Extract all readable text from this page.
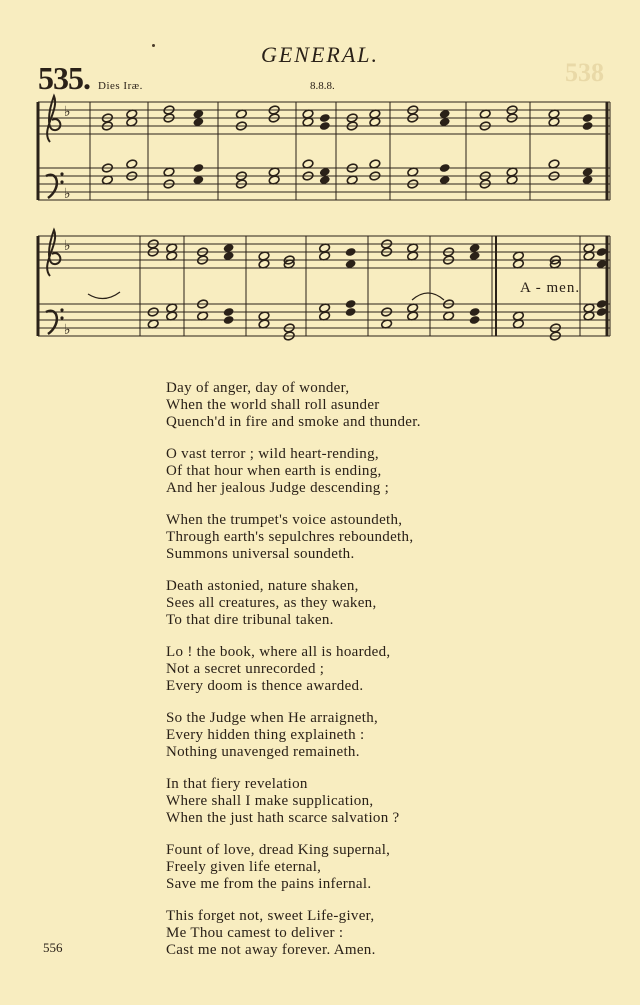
538
GENERAL.
535. Dies Iræ.	8.8.8.
♭
♭
♭
♭
A - men.

Day of anger, day of wonder,

When the world shall roll asunder

Quench'd in fire and smoke and thunder.

O vast terror ; wild heart-rending,

Of that hour when earth is ending,

And her jealous Judge descending ;

When the trumpet's voice astoundeth,

Through earth's sepulchres reboundeth,

Summons universal soundeth.

Death astonied, nature shaken,

Sees all creatures, as they waken,

To that dire tribunal taken.

Lo ! the book, where all is hoarded,

Not a secret unrecorded ;

Every doom is thence awarded.

So the Judge when He arraigneth,

Every hidden thing explaineth :

Nothing unavenged remaineth.

In that fiery revelation

Where shall I make supplication,

When the just hath scarce salvation ?

Fount of love, dread King supernal,

Freely given life eternal,

Save me from the pains infernal.

This forget not, sweet Life-giver,

Me Thou camest to deliver :

Cast me not away forever. Amen.

556
